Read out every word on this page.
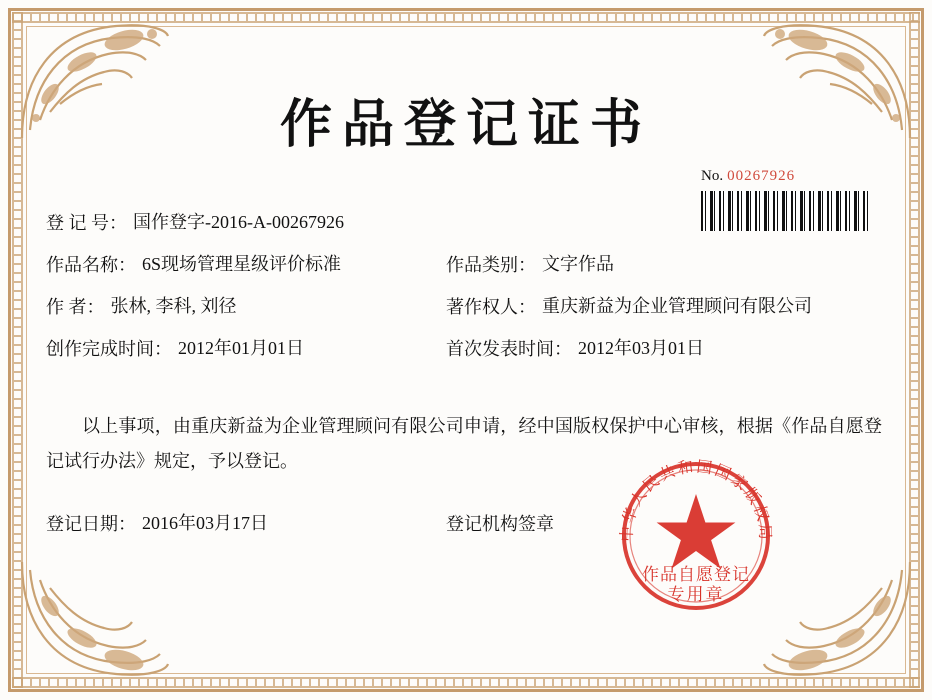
作品登记证书
No. 00267926
登 记 号： 国作登字-2016-A-00267926
作品名称： 6S现场管理星级评价标准	作品类别： 文字作品
作 者： 张林, 李科, 刘径	著作权人： 重庆新益为企业管理顾问有限公司
创作完成时间： 2012年01月01日	首次发表时间： 2012年03月01日
以上事项，由重庆新益为企业管理顾问有限公司申请，经中国版权保护中心审核，根据《作品自愿登记试行办法》规定，予以登记。
登记日期： 2016年03月17日	登记机构签章	中华人民共和国国家版权局
作品自愿登记
专用章
